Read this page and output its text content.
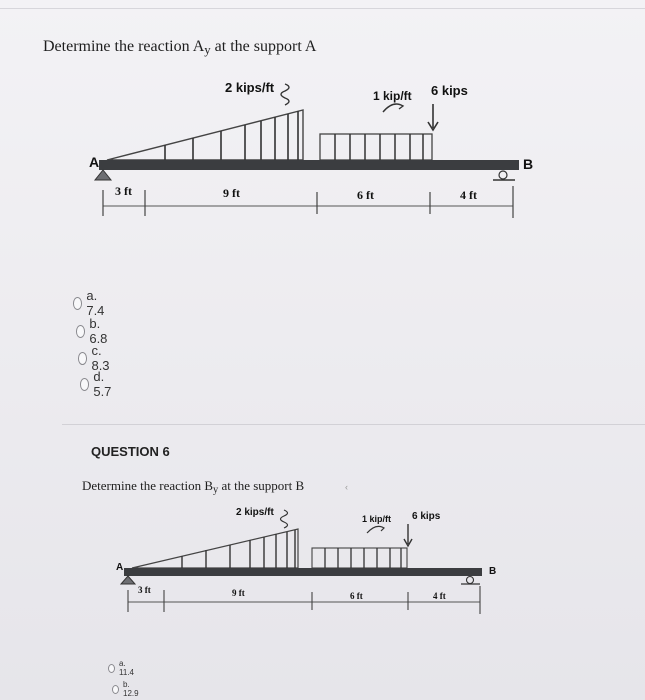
Determine the reaction $A_y$ at the support A
A	B
2 kips/ft
1 kip/ft 6 kips
3 ft	9 ft	6 ft	4 ft
a. 7.4
b. 6.8
c. 8.3
d. 5.7
QUESTION 6
Determine the reaction $B_y$ at the support B
A	B
2 kips/ft
1 kip/ft 6 kips
3 ft	9 ft	6 ft	4 ft
‹
a. 11.4
b. 12.9
